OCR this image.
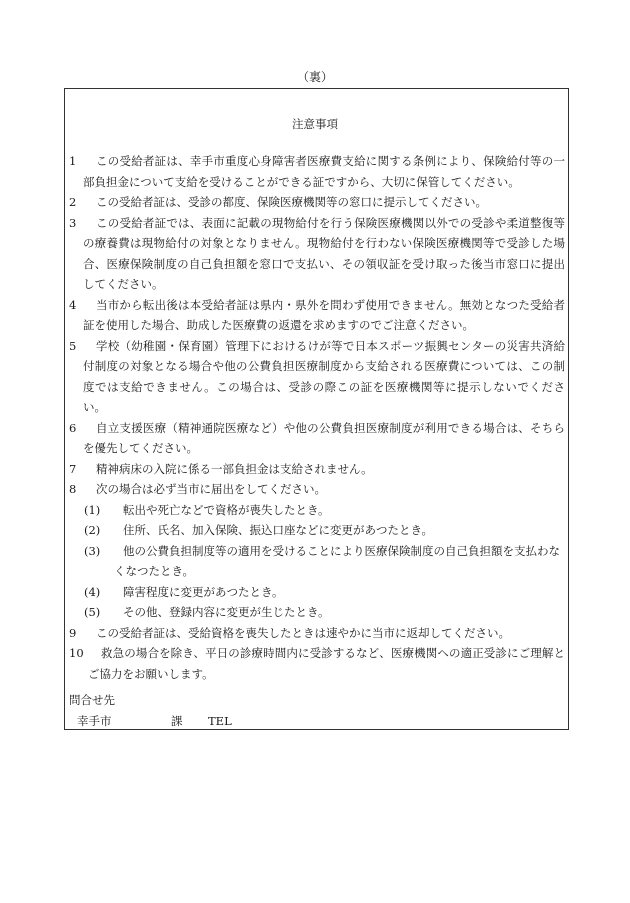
（裏）
注意事項
1	この受給者証は、幸手市重度心身障害者医療費支給に関する条例により、保険給付等の一部負担金について支給を受けることができる証ですから、大切に保管してください。
2	この受給者証は、受診の都度、保険医療機関等の窓口に提示してください。
3	この受給者証では、表面に記載の現物給付を行う保険医療機関以外での受診や柔道整復等の療養費は現物給付の対象となりません。現物給付を行わない保険医療機関等で受診した場合、医療保険制度の自己負担額を窓口で支払い、その領収証を受け取った後当市窓口に提出してください。
4	当市から転出後は本受給者証は県内・県外を問わず使用できません。無効となつた受給者証を使用した場合、助成した医療費の返還を求めますのでご注意ください。
5	学校（幼稚園・保育園）管理下におけるけが等で日本スポーツ振興センターの災害共済給付制度の対象となる場合や他の公費負担医療制度から支給される医療費については、この制度では支給できません。この場合は、受診の際この証を医療機関等に提示しないでください。
6	自立支援医療（精神通院医療など）や他の公費負担医療制度が利用できる場合は、そちらを優先してください。
7	精神病床の入院に係る一部負担金は支給されません。
8	次の場合は必ず当市に届出をしてください。
(1)	転出や死亡などで資格が喪失したとき。
(2)	住所、氏名、加入保険、振込口座などに変更があつたとき。
(3)	他の公費負担制度等の適用を受けることにより医療保険制度の自己負担額を支払わなくなつたとき。
(4)	障害程度に変更があつたとき。
(5)	その他、登録内容に変更が生じたとき。
9	この受給者証は、受給資格を喪失したときは速やかに当市に返却してください。
10	救急の場合を除き、平日の診療時間内に受診するなど、医療機関への適正受診にご理解とご協力をお願いします。
問合せ先
幸手市	課	TEL
